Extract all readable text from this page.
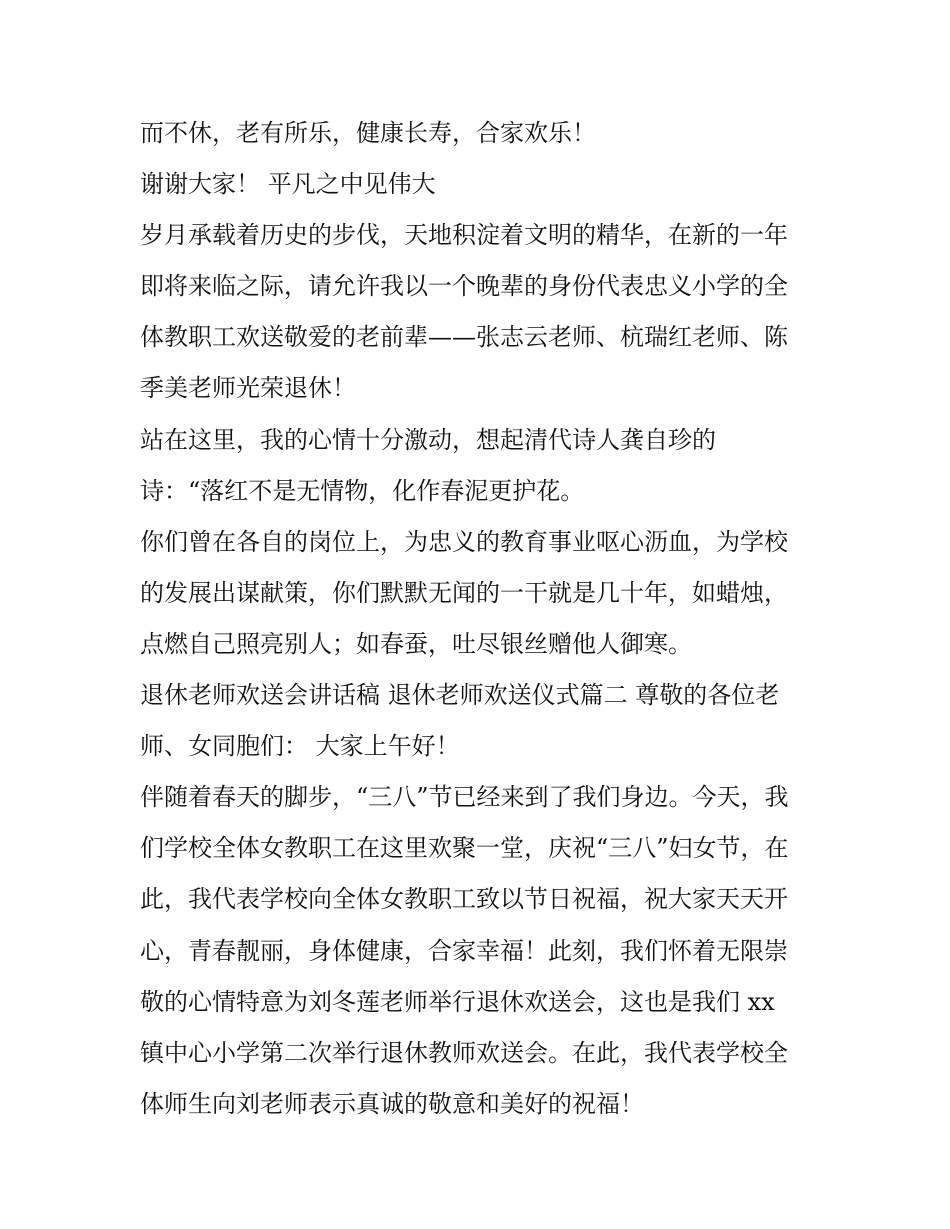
而不休，老有所乐，健康长寿，合家欢乐！
谢谢大家！ 平凡之中见伟大
岁月承载着历史的步伐，天地积淀着文明的精华，在新的一年
即将来临之际，请允许我以一个晚辈的身份代表忠义小学的全
体教职工欢送敬爱的老前辈——张志云老师、杭瑞红老师、陈
季美老师光荣退休！
站在这里，我的心情十分激动，想起清代诗人龚自珍的
诗：“落红不是无情物，化作春泥更护花。
你们曾在各自的岗位上，为忠义的教育事业呕心沥血，为学校
的发展出谋献策，你们默默无闻的一干就是几十年，如蜡烛，
点燃自己照亮别人；如春蚕，吐尽银丝赠他人御寒。
退休老师欢送会讲话稿 退休老师欢送仪式篇二 尊敬的各位老
师、女同胞们： 大家上午好！
伴随着春天的脚步，“三八”节已经来到了我们身边。今天，我
们学校全体女教职工在这里欢聚一堂，庆祝“三八”妇女节，在
此，我代表学校向全体女教职工致以节日祝福，祝大家天天开
心，青春靓丽，身体健康，合家幸福！此刻，我们怀着无限崇
敬的心情特意为刘冬莲老师举行退休欢送会，这也是我们 xx
镇中心小学第二次举行退休教师欢送会。在此，我代表学校全
体师生向刘老师表示真诚的敬意和美好的祝福！
